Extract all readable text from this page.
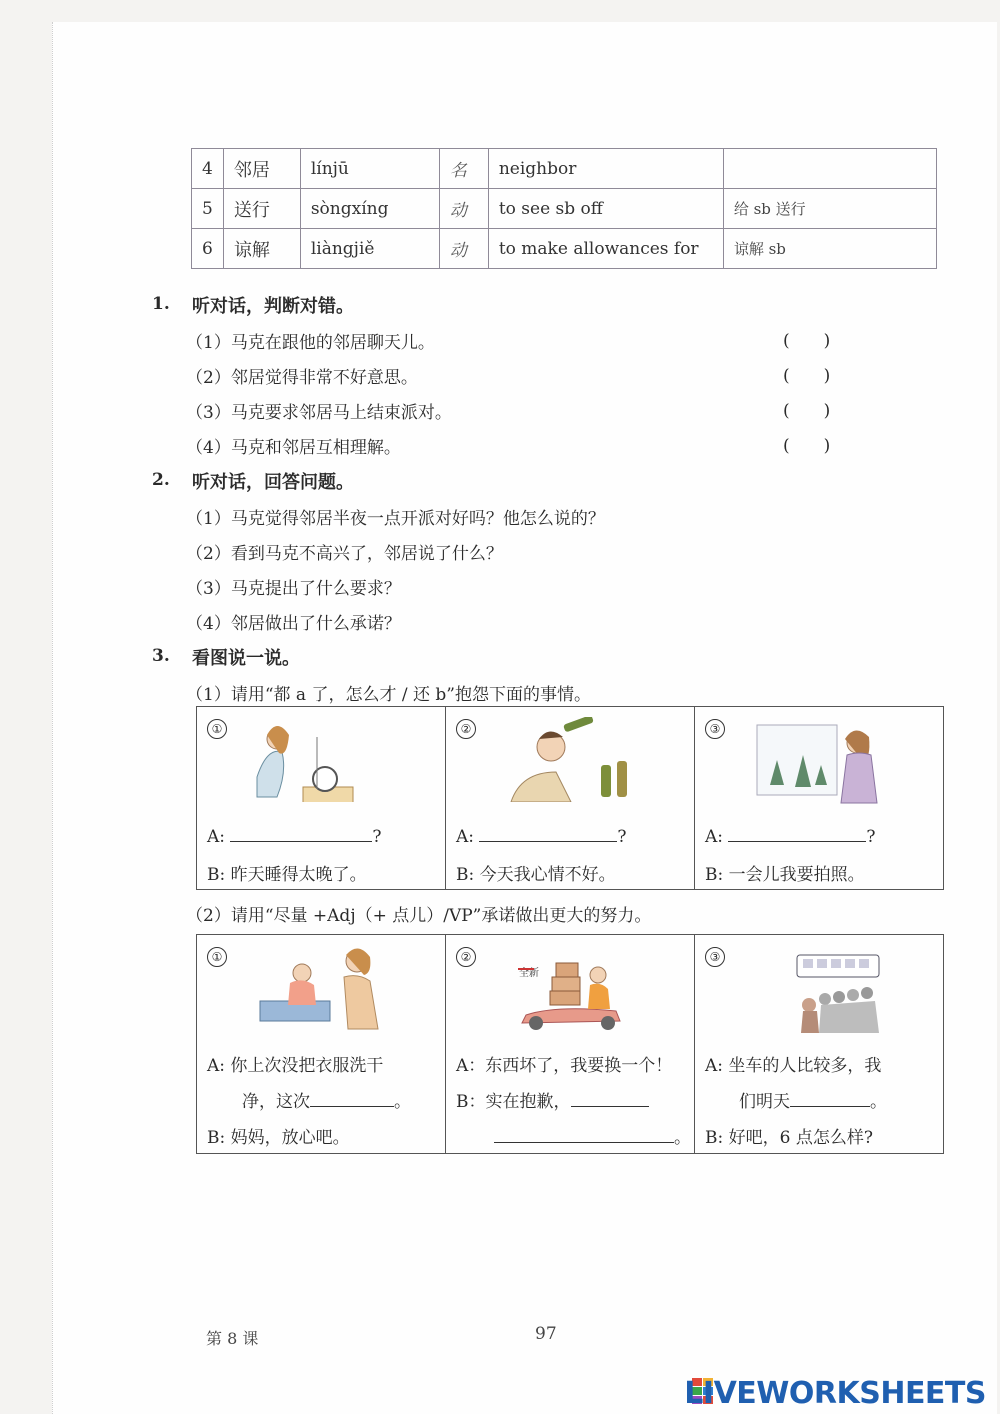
4	邻居	línjū	名	neighbor	
5	送行	sòngxíng	动	to see sb off	给 sb 送行
6	谅解	liàngjiě	动	to make allowances for	谅解 sb
1. 听对话，判断对错。
（1）马克在跟他的邻居聊天儿。	(　　)
（2）邻居觉得非常不好意思。	(　　)
（3）马克要求邻居马上结束派对。	(　　)
（4）马克和邻居互相理解。	(　　)
2. 听对话，回答问题。
（1）马克觉得邻居半夜一点开派对好吗？他怎么说的？
（2）看到马克不高兴了，邻居说了什么？
（3）马克提出了什么要求？
（4）邻居做出了什么承诺？
3. 看图说一说。
（1）请用“都 a 了，怎么才 / 还 b”抱怨下面的事情。
①
A:	?
B: 昨天睡得太晚了。
②
A:	?
B: 今天我心情不好。
③
A:	?
B: 一会儿我要拍照。
（2）请用“尽量 +Adj（+ 点儿）/VP”承诺做出更大的努力。
①
A: 你上次没把衣服洗干
净，这次	。
B: 妈妈，放心吧。
②
全新
A：东西坏了，我要换一个！
B：实在抱歉，
。
③
A: 坐车的人比较多，我
们明天	。
B: 好吧，6 点怎么样?
第 8 课	97
LIVEWORKSHEETS
